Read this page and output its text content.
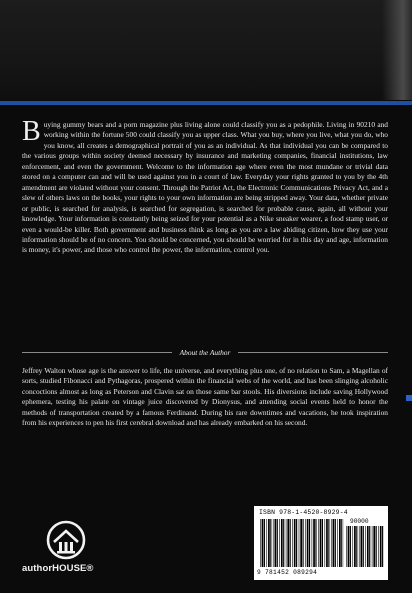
Buying gummy bears and a porn magazine plus living alone could classify you as a pedophile. Living in 90210 and working within the fortune 500 could classify you as upper class. What you buy, where you live, what you do, who you know, all creates a demographical portrait of you as an individual. As that individual you can be compared to the various groups within society deemed necessary by insurance and marketing companies, financial institutions, law enforcement, and even the government. Welcome to the information age where even the most mundane or trivial data stored on a computer can and will be used against you in a court of law. Everyday your rights granted to you by the 4th amendment are violated without your consent. Through the Patriot Act, the Electronic Communications Privacy Act, and a slew of others laws on the books, your rights to your own information are being stripped away. Your data, whether private or public, is searched for analysis, is searched for segregation, is searched for probable cause, again, all without your knowledge. Your information is constantly being seized for your potential as a Nike sneaker wearer, a food stamp user, or even a would-be killer. Both government and business think as long as you are a law abiding citizen, how they use your information should be of no concern. You should be concerned, you should be worried for in this day and age, information is money, it's power, and those who control the power, the information, control you.
About the Author
Jeffrey Walton whose age is the answer to life, the universe, and everything plus one, of no relation to Sam, a Magellan of sorts, studied Fibonacci and Pythagoras, prospered within the financial webs of the world, and has been slinging alcoholic concoctions almost as long as Peterson and Clavin sat on those same bar stools. His diversions include saving Hollywood ephemera, testing his palate on vintage juice discovered by Dionysus, and attending social events held to honor the methods of transportation created by a famous Ferdinand. During his rare downtimes and vacations, he took inspiration from his experiences to pen his first cerebral download and has already embarked on his second.
authorHOUSE®
ISBN 978-1-4520-8929-4
90000
9 781452 089294
